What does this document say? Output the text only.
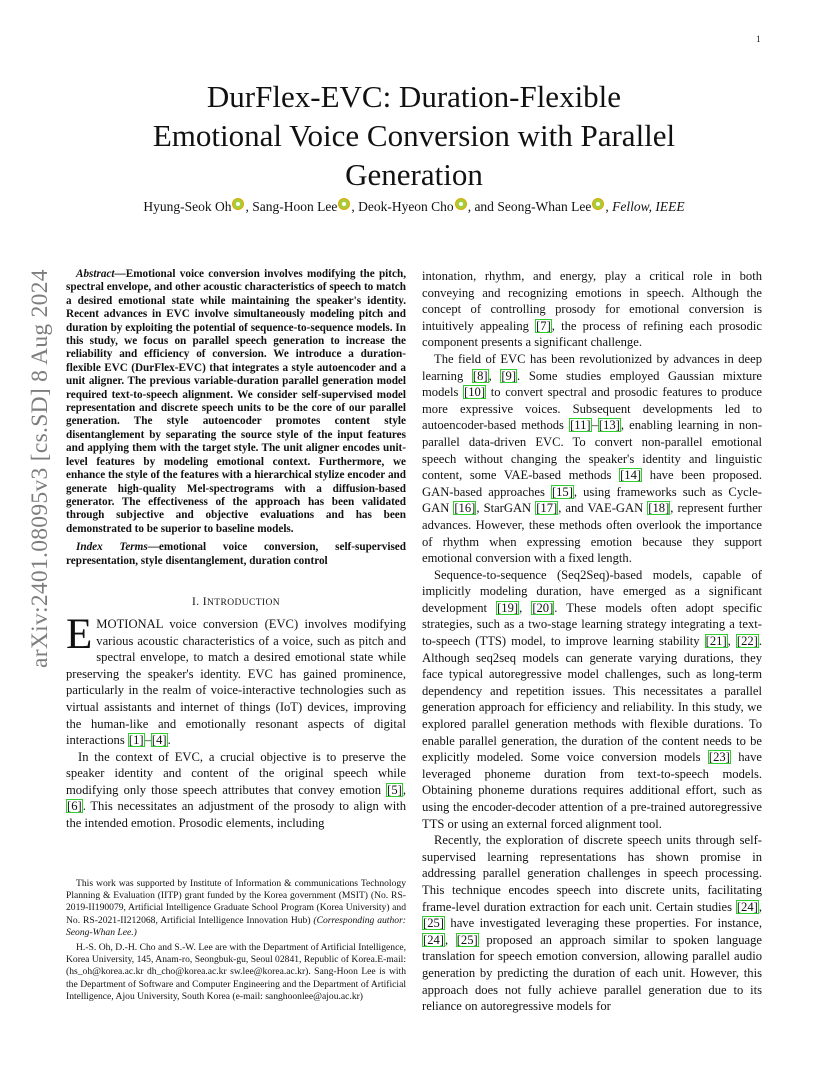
1
DurFlex-EVC: Duration-Flexible
Emotional Voice Conversion with Parallel
Generation
Hyung-Seok Oh , Sang-Hoon Lee , Deok-Hyeon Cho , and Seong-Whan Lee , Fellow, IEEE
arXiv:2401.08095v3 [cs.SD] 8 Aug 2024	Abstract—Emotional voice conversion involves modifying the pitch, spectral envelope, and other acoustic characteristics of speech to match a desired emotional state while maintaining the speaker's identity. Recent advances in EVC involve simultaneously modeling pitch and duration by exploiting the potential of sequence-to-sequence models. In this study, we focus on parallel speech generation to increase the reliability and efficiency of conversion. We introduce a duration-flexible EVC (DurFlex-EVC) that integrates a style autoencoder and a unit aligner. The previous variable-duration parallel generation model required text-to-speech alignment. We consider self-supervised model representation and discrete speech units to be the core of our parallel generation. The style autoencoder promotes content style disentanglement by separating the source style of the input features and applying them with the target style. The unit aligner encodes unit-level features by modeling emotional context. Furthermore, we enhance the style of the features with a hierarchical stylize encoder and generate high-quality Mel-spectrograms with a diffusion-based generator. The effectiveness of the approach has been validated through subjective and objective evaluations and has been demonstrated to be superior to baseline models.

Index Terms—emotional voice conversion, self-supervised representation, style disentanglement, duration control

I. INTRODUCTION

EMOTIONAL voice conversion (EVC) involves modifying various acoustic characteristics of a voice, such as pitch and spectral envelope, to match a desired emotional state while preserving the speaker's identity. EVC has gained prominence, particularly in the realm of voice-interactive technologies such as virtual assistants and internet of things (IoT) devices, improving the human-like and emotionally resonant aspects of digital interactions [1]–[4].

In the context of EVC, a crucial objective is to preserve the speaker identity and content of the original speech while modifying only those speech attributes that convey emotion [5], [6]. This necessitates an adjustment of the prosody to align with the intended emotion. Prosodic elements, including

This work was supported by Institute of Information & communications Technology Planning & Evaluation (IITP) grant funded by the Korea government (MSIT) (No. RS-2019-II190079, Artificial Intelligence Graduate School Program (Korea University) and No. RS-2021-II212068, Artificial Intelligence Innovation Hub) (Corresponding author: Seong-Whan Lee.)

H.-S. Oh, D.-H. Cho and S.-W. Lee are with the Department of Artificial Intelligence, Korea University, 145, Anam-ro, Seongbuk-gu, Seoul 02841, Republic of Korea.E-mail: (hs_oh@korea.ac.kr dh_cho@korea.ac.kr sw.lee@korea.ac.kr). Sang-Hoon Lee is with the Department of Software and Computer Engineering and the Department of Artificial Intelligence, Ajou University, South Korea (e-mail: sanghoonlee@ajou.ac.kr)

intonation, rhythm, and energy, play a critical role in both conveying and recognizing emotions in speech. Although the concept of controlling prosody for emotional conversion is intuitively appealing [7], the process of refining each prosodic component presents a significant challenge.

The field of EVC has been revolutionized by advances in deep learning [8], [9]. Some studies employed Gaussian mixture models [10] to convert spectral and prosodic features to produce more expressive voices. Subsequent developments led to autoencoder-based methods [11]–[13], enabling learning in non-parallel data-driven EVC. To convert non-parallel emotional speech without changing the speaker's identity and linguistic content, some VAE-based methods [14] have been proposed. GAN-based approaches [15], using frameworks such as Cycle-GAN [16], StarGAN [17], and VAE-GAN [18], represent further advances. However, these methods often overlook the importance of rhythm when expressing emotion because they support emotional conversion with a fixed length.

Sequence-to-sequence (Seq2Seq)-based models, capable of implicitly modeling duration, have emerged as a significant development [19], [20]. These models often adopt specific strategies, such as a two-stage learning strategy integrating a text-to-speech (TTS) model, to improve learning stability [21], [22]. Although seq2seq models can generate varying durations, they face typical autoregressive model challenges, such as long-term dependency and repetition issues. This necessitates a parallel generation approach for efficiency and reliability. In this study, we explored parallel generation methods with flexible durations. To enable parallel generation, the duration of the content needs to be explicitly modeled. Some voice conversion models [23] have leveraged phoneme duration from text-to-speech models. Obtaining phoneme durations requires additional effort, such as using the encoder-decoder attention of a pre-trained autoregressive TTS or using an external forced alignment tool.

Recently, the exploration of discrete speech units through self-supervised learning representations has shown promise in addressing parallel generation challenges in speech processing. This technique encodes speech into discrete units, facilitating frame-level duration extraction for each unit. Certain studies [24], [25] have investigated leveraging these properties. For instance, [24], [25] proposed an approach similar to spoken language translation for speech emotion conversion, allowing parallel audio generation by predicting the duration of each unit. However, this approach does not fully achieve parallel generation due to its reliance on autoregressive models for
